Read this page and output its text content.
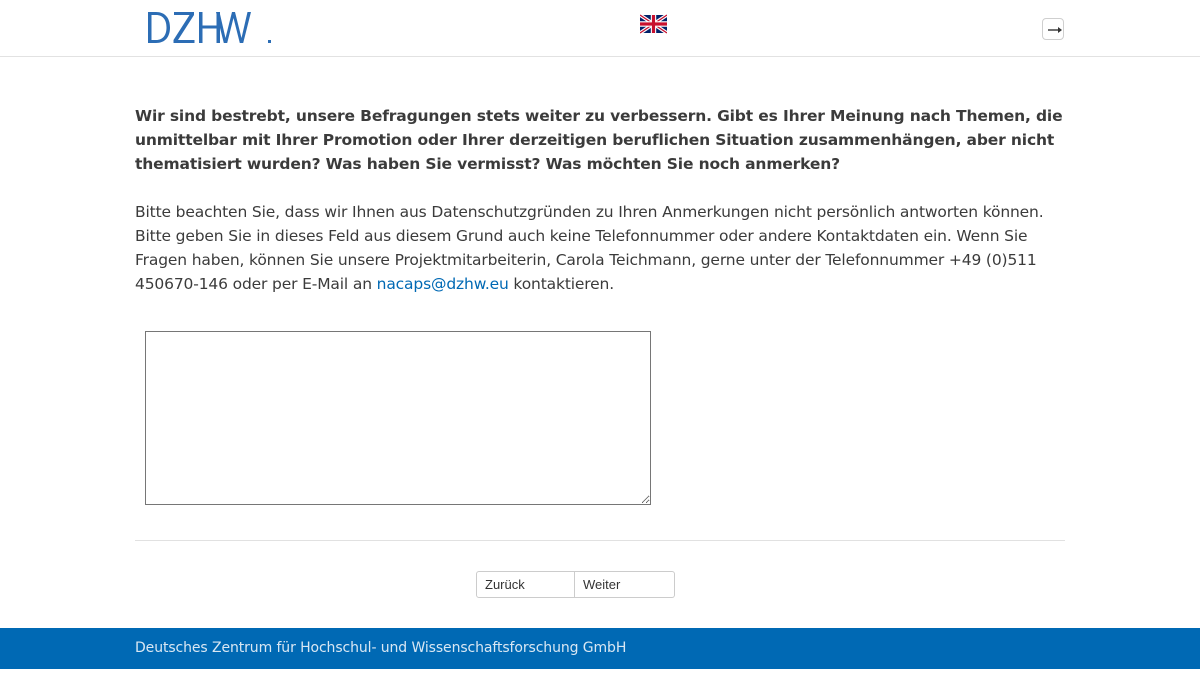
Wir sind bestrebt, unsere Befragungen stets weiter zu verbessern. Gibt es Ihrer Meinung nach Themen, die unmittelbar mit Ihrer Promotion oder Ihrer derzeitigen beruflichen Situation zusammenhängen, aber nicht thematisiert wurden? Was haben Sie vermisst? Was möchten Sie noch anmerken?

Bitte beachten Sie, dass wir Ihnen aus Datenschutzgründen zu Ihren Anmerkungen nicht persönlich antworten können. Bitte geben Sie in dieses Feld aus diesem Grund auch keine Telefonnummer oder andere Kontaktdaten ein. Wenn Sie Fragen haben, können Sie unsere Projektmitarbeiterin, Carola Teichmann, gerne unter der Telefonnummer +49 (0)511 450670-146 oder per E-Mail an nacaps@dzhw.eu kontaktieren.

Zurück	Weiter
Deutsches Zentrum für Hochschul- und Wissenschaftsforschung GmbH
